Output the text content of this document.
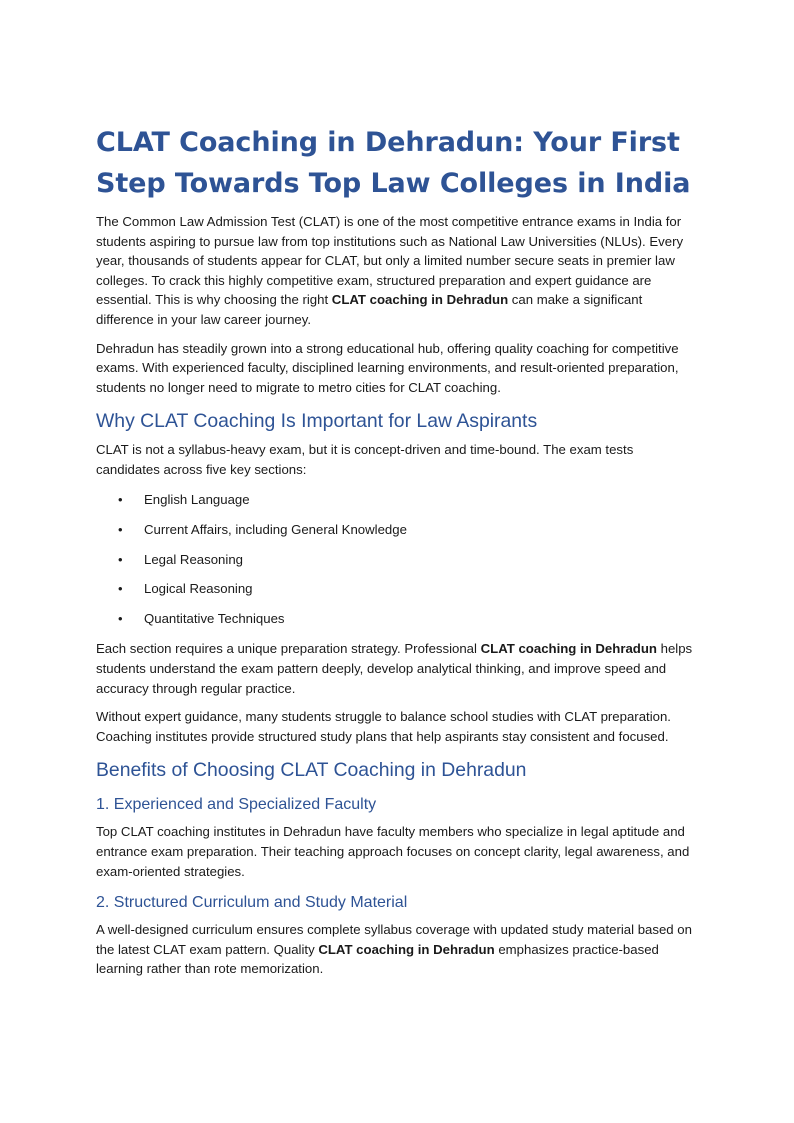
CLAT Coaching in Dehradun: Your First Step Towards Top Law Colleges in India

The Common Law Admission Test (CLAT) is one of the most competitive entrance exams in India for students aspiring to pursue law from top institutions such as National Law Universities (NLUs). Every year, thousands of students appear for CLAT, but only a limited number secure seats in premier law colleges. To crack this highly competitive exam, structured preparation and expert guidance are essential. This is why choosing the right CLAT coaching in Dehradun can make a significant difference in your law career journey.

Dehradun has steadily grown into a strong educational hub, offering quality coaching for competitive exams. With experienced faculty, disciplined learning environments, and result-oriented preparation, students no longer need to migrate to metro cities for CLAT coaching.

Why CLAT Coaching Is Important for Law Aspirants

CLAT is not a syllabus-heavy exam, but it is concept-driven and time-bound. The exam tests candidates across five key sections:

• English Language
• Current Affairs, including General Knowledge
• Legal Reasoning
• Logical Reasoning
• Quantitative Techniques

Each section requires a unique preparation strategy. Professional CLAT coaching in Dehradun helps students understand the exam pattern deeply, develop analytical thinking, and improve speed and accuracy through regular practice.

Without expert guidance, many students struggle to balance school studies with CLAT preparation. Coaching institutes provide structured study plans that help aspirants stay consistent and focused.

Benefits of Choosing CLAT Coaching in Dehradun
1. Experienced and Specialized Faculty

Top CLAT coaching institutes in Dehradun have faculty members who specialize in legal aptitude and entrance exam preparation. Their teaching approach focuses on concept clarity, legal awareness, and exam-oriented strategies.

2. Structured Curriculum and Study Material

A well-designed curriculum ensures complete syllabus coverage with updated study material based on the latest CLAT exam pattern. Quality CLAT coaching in Dehradun emphasizes practice-based learning rather than rote memorization.
